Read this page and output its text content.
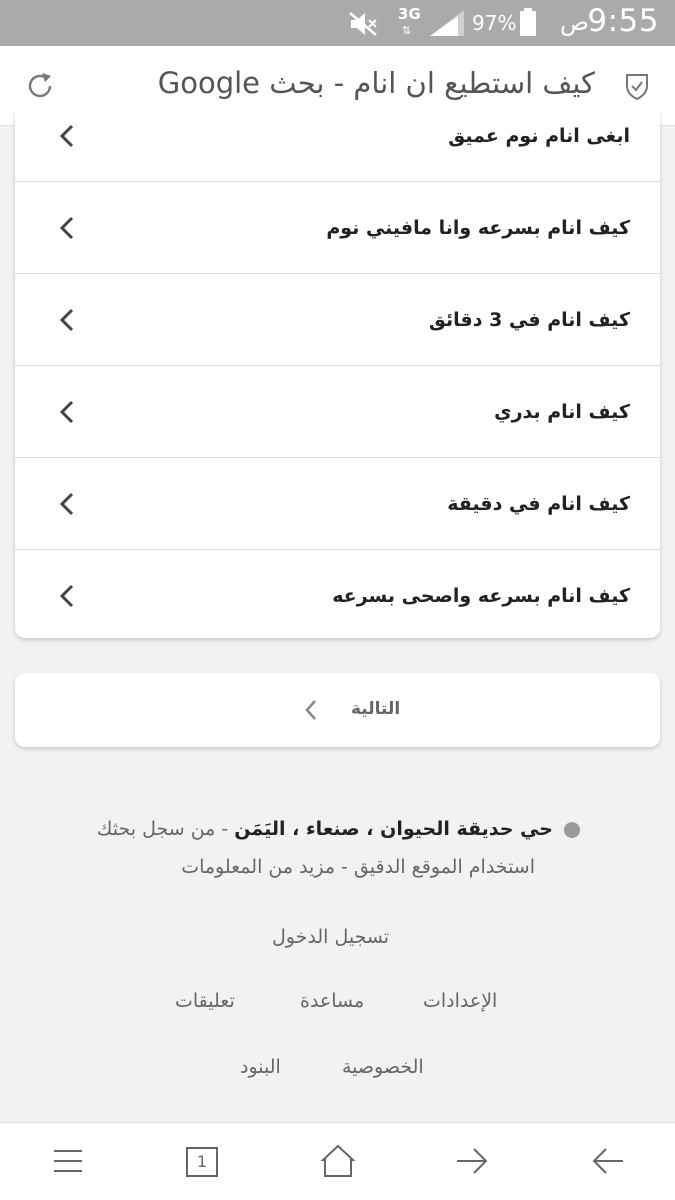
3G
⇅	97% ص
9:55
كيف استطيع ان انام - بحث Google
ابغى انام نوم عميق
كيف انام بسرعه وانا مافيني نوم
كيف انام في 3 دقائق
كيف انام بدري
كيف انام في دقيقة
كيف انام بسرعه واصحى بسرعه
التالية
حي حديقة الحيوان ، صنعاء ، اليَمَن - من سجل بحثك
استخدام الموقع الدقيق - مزيد من المعلومات
تسجيل الدخول
الإعدادات
مساعدة
تعليقات
الخصوصية
البنود
1
